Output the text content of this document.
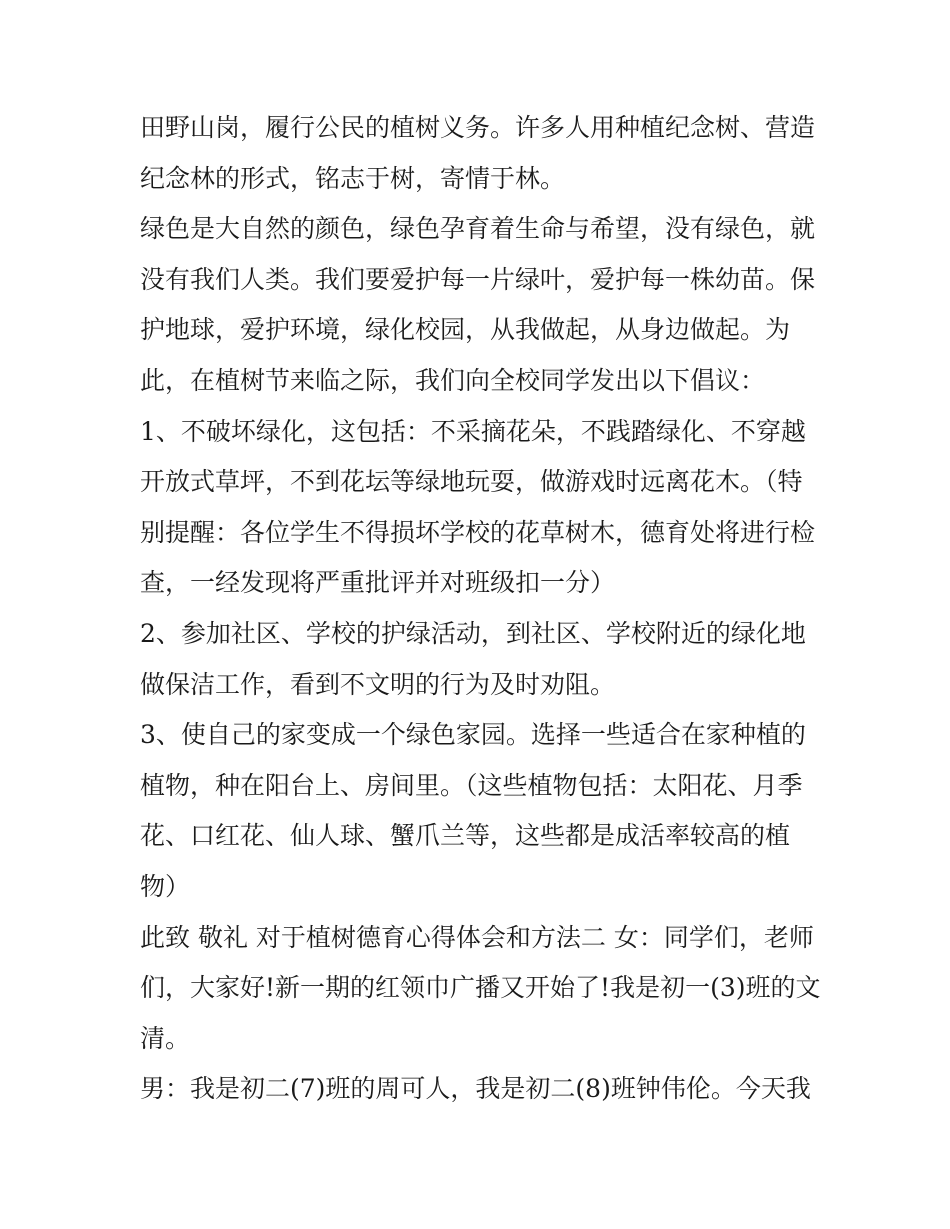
田野山岗，履行公民的植树义务。许多人用种植纪念树、营造
纪念林的形式，铭志于树，寄情于林。
绿色是大自然的颜色，绿色孕育着生命与希望，没有绿色，就
没有我们人类。我们要爱护每一片绿叶，爱护每一株幼苗。保
护地球，爱护环境，绿化校园，从我做起，从身边做起。为
此，在植树节来临之际，我们向全校同学发出以下倡议：
1、不破坏绿化，这包括：不采摘花朵，不践踏绿化、不穿越
开放式草坪，不到花坛等绿地玩耍，做游戏时远离花木。（特
别提醒：各位学生不得损坏学校的花草树木，德育处将进行检
查，一经发现将严重批评并对班级扣一分）
2、参加社区、学校的护绿活动，到社区、学校附近的绿化地
做保洁工作，看到不文明的行为及时劝阻。
3、使自己的家变成一个绿色家园。选择一些适合在家种植的
植物，种在阳台上、房间里。（这些植物包括：太阳花、月季
花、口红花、仙人球、蟹爪兰等，这些都是成活率较高的植
物）
此致 敬礼 对于植树德育心得体会和方法二 女：同学们，老师
们，大家好!新一期的红领巾广播又开始了!我是初一(3)班的文
清。
男：我是初二(7)班的周可人，我是初二(8)班钟伟伦。今天我
